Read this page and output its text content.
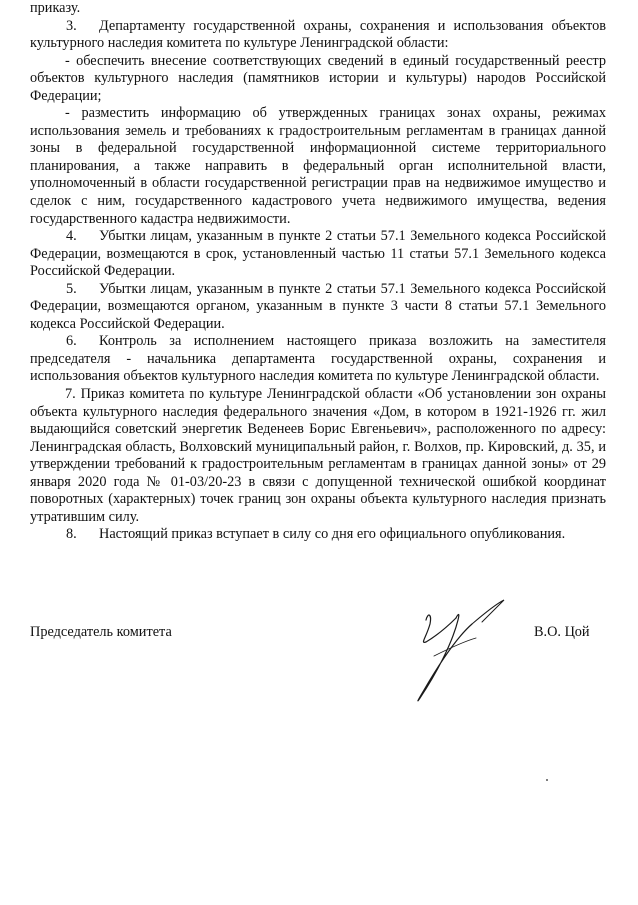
приказу.

3. Департаменту государственной охраны, сохранения и использования объектов культурного наследия комитета по культуре Ленинградской области:

- обеспечить внесение соответствующих сведений в единый государственный реестр объектов культурного наследия (памятников истории и культуры) народов Российской Федерации;

- разместить информацию об утвержденных границах зонах охраны, режимах использования земель и требованиях к градостроительным регламентам в границах данной зоны в федеральной государственной информационной системе территориального планирования, а также направить в федеральный орган исполнительной власти, уполномоченный в области государственной регистрации прав на недвижимое имущество и сделок с ним, государственного кадастрового учета недвижимого имущества, ведения государственного кадастра недвижимости.

4. Убытки лицам, указанным в пункте 2 статьи 57.1 Земельного кодекса Российской Федерации, возмещаются в срок, установленный частью 11 статьи 57.1 Земельного кодекса Российской Федерации.

5. Убытки лицам, указанным в пункте 2 статьи 57.1 Земельного кодекса Российской Федерации, возмещаются органом, указанным в пункте 3 части 8 статьи 57.1 Земельного кодекса Российской Федерации.

6. Контроль за исполнением настоящего приказа возложить на заместителя председателя - начальника департамента государственной охраны, сохранения и использования объектов культурного наследия комитета по культуре Ленинградской области.

7. Приказ комитета по культуре Ленинградской области «Об установлении зон охраны объекта культурного наследия федерального значения «Дом, в котором в 1921-1926 гг. жил выдающийся советский энергетик Веденеев Борис Евгеньевич», расположенного по адресу: Ленинградская область, Волховский муниципальный район, г. Волхов, пр. Кировский, д. 35, и утверждении требований к градостроительным регламентам в границах данной зоны» от 29 января 2020 года № 01-03/20-23 в связи с допущенной технической ошибкой координат поворотных (характерных) точек границ зон охраны объекта культурного наследия признать утратившим силу.

8. Настоящий приказ вступает в силу со дня его официального опубликования.

Председатель комитета	В.О. Цой
